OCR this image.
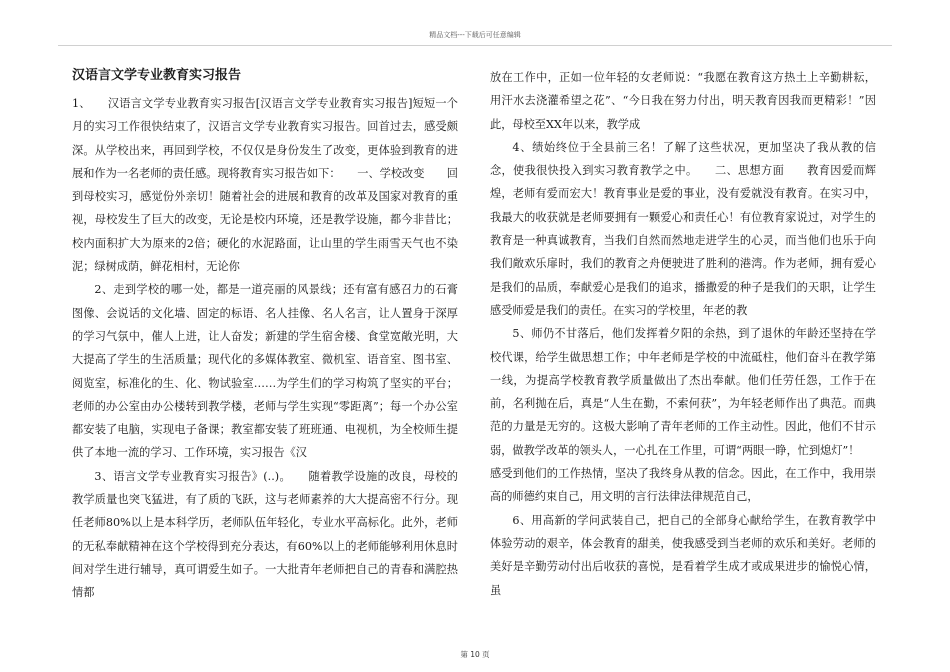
精品文档---下载后可任意编辑
汉语言文学专业教育实习报告

1、　　汉语言文学专业教育实习报告[汉语言文学专业教育实习报告]短短一个月的实习工作很快结束了，汉语言文学专业教育实习报告。回首过去，感受颇深。从学校出来，再回到学校，不仅仅是身份发生了改变，更体验到教育的进展和作为一名老师的责任感。现将教育实习报告如下：　　一、学校改变　　回到母校实习，感觉份外亲切！随着社会的进展和教育的改革及国家对教育的重视，母校发生了巨大的改变，无论是校内环境，还是教学设施，都今非昔比；校内面积扩大为原来的2倍；硬化的水泥路面，让山里的学生雨雪天气也不染泥；绿树成荫，鲜花相村，无论你

2、走到学校的哪一处，都是一道亮丽的风景线；还有富有感召力的石膏图像、会说话的文化墙、固定的标语、名人挂像、名人名言，让人置身于深厚的学习气氛中，催人上进，让人奋发；新建的学生宿舍楼、食堂宽敞光明，大大提高了学生的生活质量；现代化的多媒体教室、微机室、语音室、图书室、阅览室，标准化的生、化、物试验室……为学生们的学习构筑了坚实的平台；老师的办公室由办公楼转到教学楼，老师与学生实现“零距离”；每一个办公室都安装了电脑，实现电子备课；教室都安装了班班通、电视机，为全校师生提供了本地一流的学习、工作环境，实习报告《汉

3、语言文学专业教育实习报告》(..)。　　随着教学设施的改良，母校的教学质量也突飞猛进，有了质的飞跃，这与老师素养的大大提高密不行分。现任老师80%以上是本科学历，老师队伍年轻化，专业水平高标化。此外，老师的无私奉献精神在这个学校得到充分表达，有60%以上的老师能够利用休息时间对学生进行辅导，真可谓爱生如子。一大批青年老师把自己的青春和满腔热情都

放在工作中，正如一位年轻的女老师说：“我愿在教育这方热土上辛勤耕耘，用汗水去浇灌希望之花”、“今日我在努力付出，明天教育因我而更精彩！”因此，母校至XX年以来，教学成

4、绩始终位于全县前三名！了解了这些状况，更加坚决了我从教的信念，使我很快投入到实习教育教学之中。　　二、思想方面　　教育因爱而辉煌，老师有爱而宏大！教育事业是爱的事业，没有爱就没有教育。在实习中，我最大的收获就是老师要拥有一颗爱心和责任心！有位教育家说过，对学生的教育是一种真诚教育，当我们自然而然地走进学生的心灵，而当他们也乐于向我们敞欢乐扉时，我们的教育之舟便驶进了胜利的港湾。作为老师，拥有爱心是我们的品质，奉献爱心是我们的追求，播撒爱的种子是我们的天职，让学生感受师爱是我们的责任。在实习的学校里，年老的教

5、师仍不甘落后，他们发挥着夕阳的余热，到了退休的年龄还坚持在学校代课，给学生做思想工作；中年老师是学校的中流砥柱，他们奋斗在教学第一线，为提高学校教育教学质量做出了杰出奉献。他们任劳任怨，工作于在前，名利抛在后，真是“人生在勤，不索何获”，为年轻老师作出了典范。而典范的力量是无穷的。这极大影响了青年老师的工作主动性。因此，他们不甘示弱，做教学改革的领头人，一心扎在工作里，可谓“两眼一睁，忙到熄灯”！

感受到他们的工作热情，坚决了我终身从教的信念。因此，在工作中，我用崇高的师德约束自己，用文明的言行法律法律规范自己，

6、用高新的学问武装自己，把自己的全部身心献给学生，在教育教学中体验劳动的艰辛，体会教育的甜美，使我感受到当老师的欢乐和美好。老师的美好是辛勤劳动付出后收获的喜悦，是看着学生成才或成果进步的愉悦心情，虽

第 10 页
